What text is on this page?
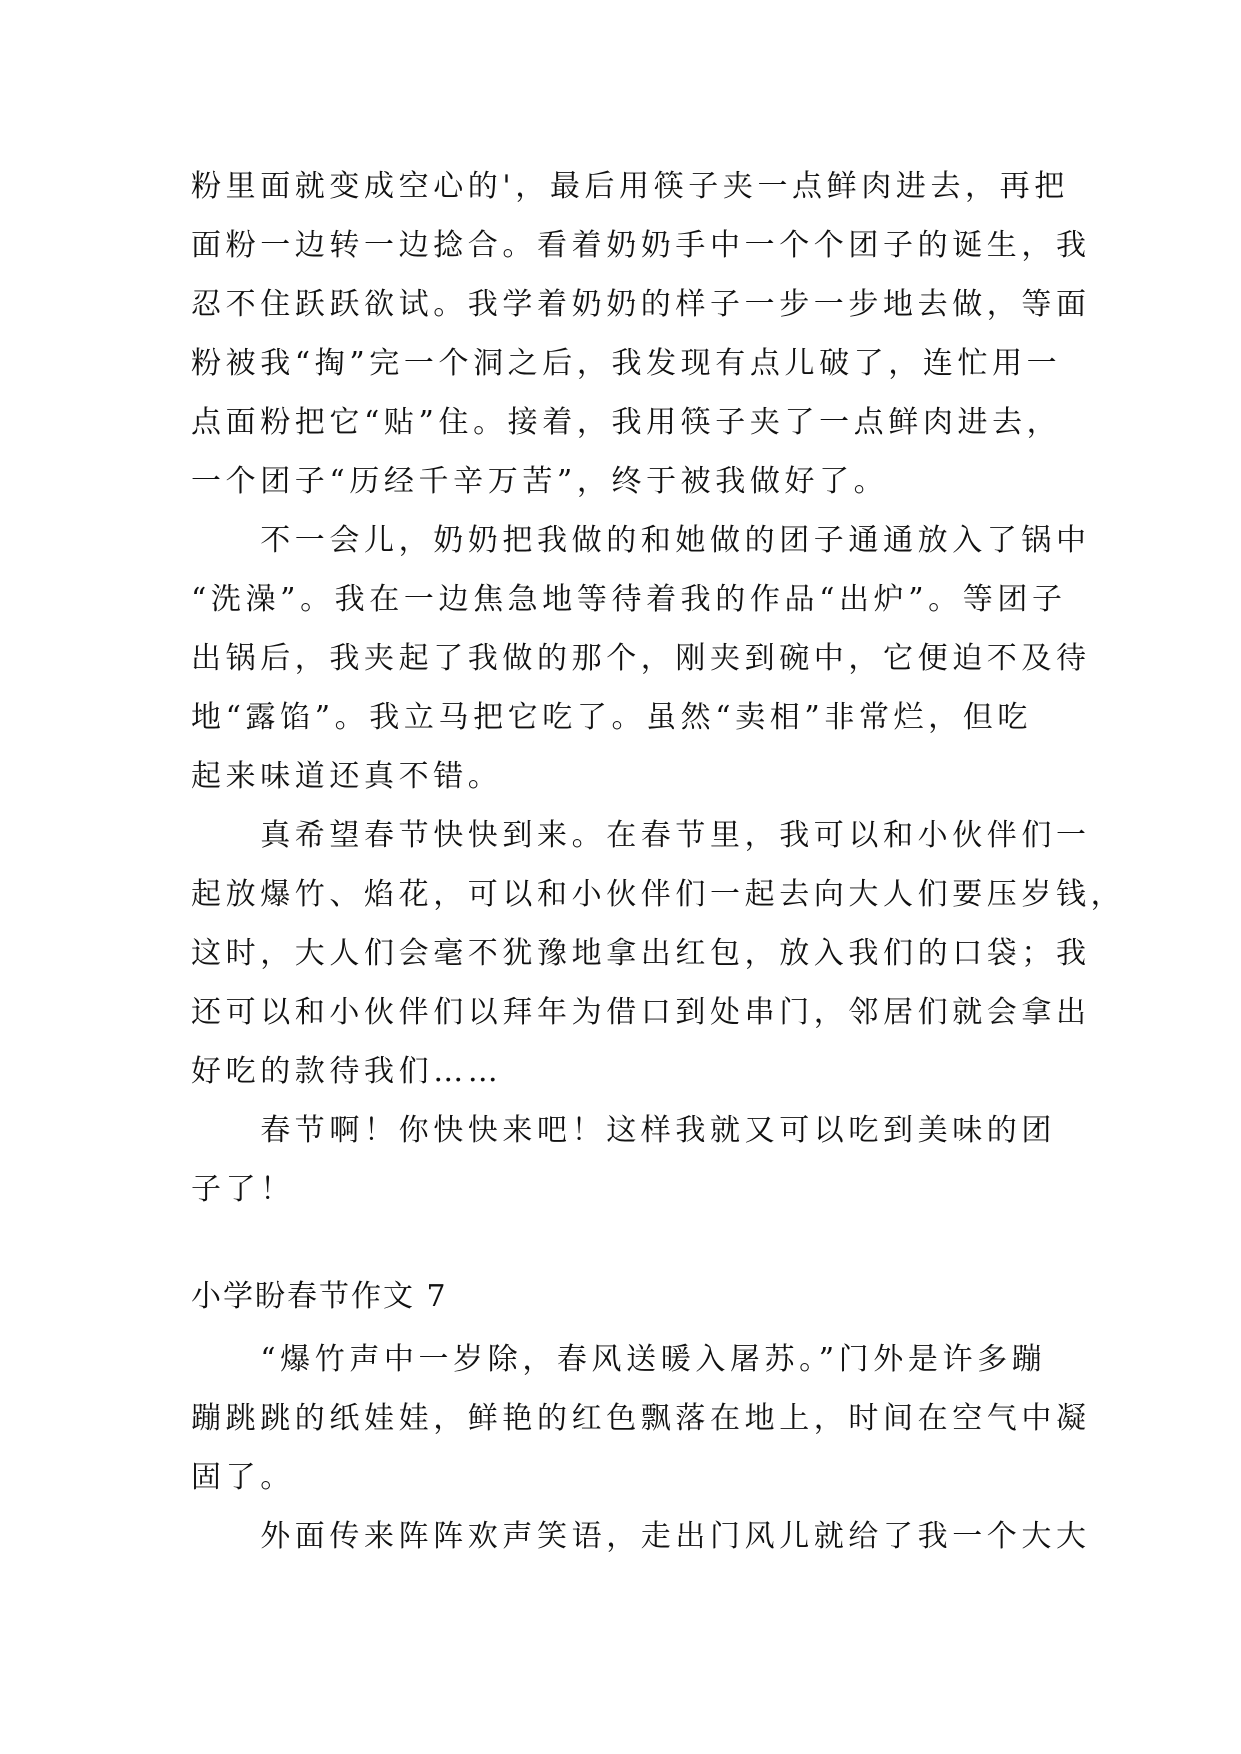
粉里面就变成空心的'，最后用筷子夹一点鲜肉进去，再把
面粉一边转一边捻合。看着奶奶手中一个个团子的诞生，我
忍不住跃跃欲试。我学着奶奶的样子一步一步地去做，等面
粉被我“掏”完一个洞之后，我发现有点儿破了，连忙用一
点面粉把它“贴”住。接着，我用筷子夹了一点鲜肉进去，
一个团子“历经千辛万苦”，终于被我做好了。
　　不一会儿，奶奶把我做的和她做的团子通通放入了锅中
“洗澡”。我在一边焦急地等待着我的作品“出炉”。等团子
出锅后，我夹起了我做的那个，刚夹到碗中，它便迫不及待
地“露馅”。我立马把它吃了。虽然“卖相”非常烂，但吃
起来味道还真不错。
　　真希望春节快快到来。在春节里，我可以和小伙伴们一
起放爆竹、焰花，可以和小伙伴们一起去向大人们要压岁钱，
这时，大人们会毫不犹豫地拿出红包，放入我们的口袋；我
还可以和小伙伴们以拜年为借口到处串门，邻居们就会拿出
好吃的款待我们……
　　春节啊！你快快来吧！这样我就又可以吃到美味的团
子了！
小学盼春节作文 7
　　“爆竹声中一岁除，春风送暖入屠苏。”门外是许多蹦
蹦跳跳的纸娃娃，鲜艳的红色飘落在地上，时间在空气中凝
固了。
　　外面传来阵阵欢声笑语，走出门风儿就给了我一个大大
